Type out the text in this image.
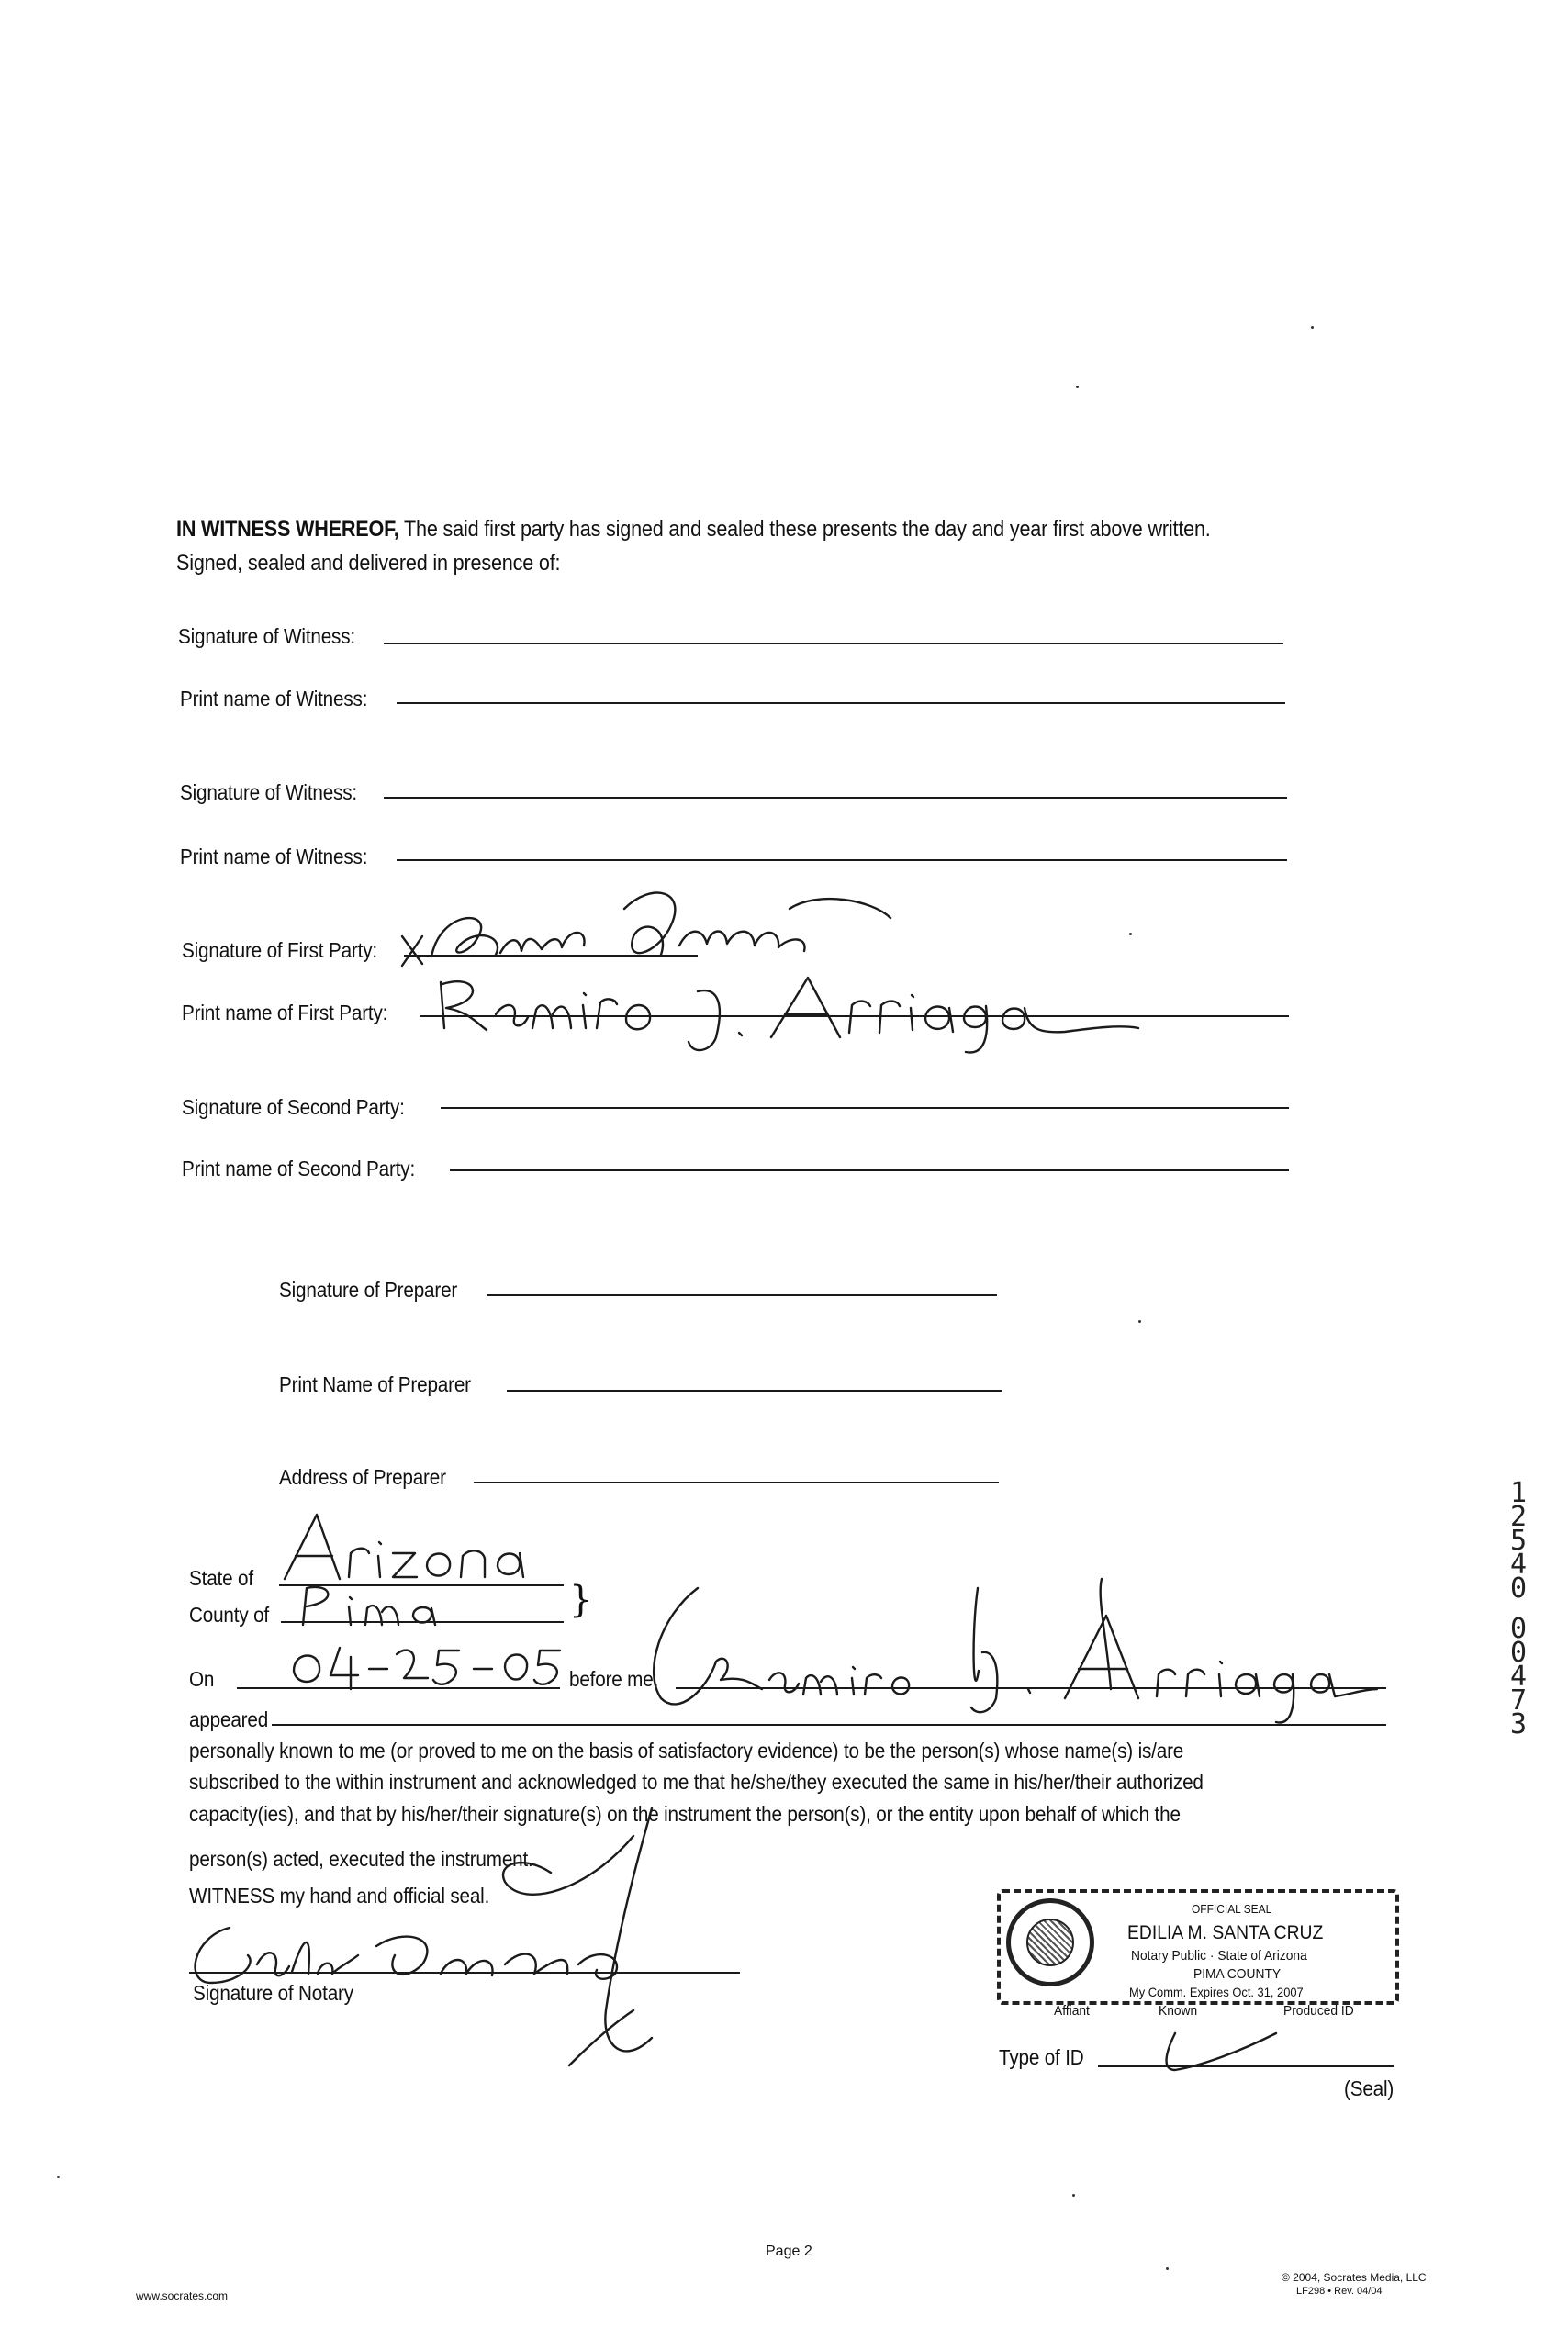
IN WITNESS WHEREOF, The said first party has signed and sealed these presents the day and year first above written.
Signed, sealed and delivered in presence of:
Signature of Witness:
Print name of Witness:
Signature of Witness:
Print name of Witness:
Signature of First Party:
Print name of First Party:
Signature of Second Party:
Print name of Second Party:
Signature of Preparer
Print Name of Preparer
Address of Preparer
State of
}
County of
On	before me,
appeared
personally known to me (or proved to me on the basis of satisfactory evidence) to be the person(s) whose name(s) is/are
subscribed to the within instrument and acknowledged to me that he/she/they executed the same in his/her/their authorized
capacity(ies), and that by his/her/their signature(s) on the instrument the person(s), or the entity upon behalf of which the
person(s) acted, executed the instrument.
WITNESS my hand and official seal.
Signature of Notary
OFFICIAL SEAL
EDILIA M. SANTA CRUZ
Notary Public · State of Arizona
PIMA COUNTY
My Comm. Expires Oct. 31, 2007
Affiant	Known	Produced ID
Type of ID
(Seal)
12540
00473
Page 2
www.socrates.com
© 2004, Socrates Media, LLC
LF298 • Rev. 04/04
